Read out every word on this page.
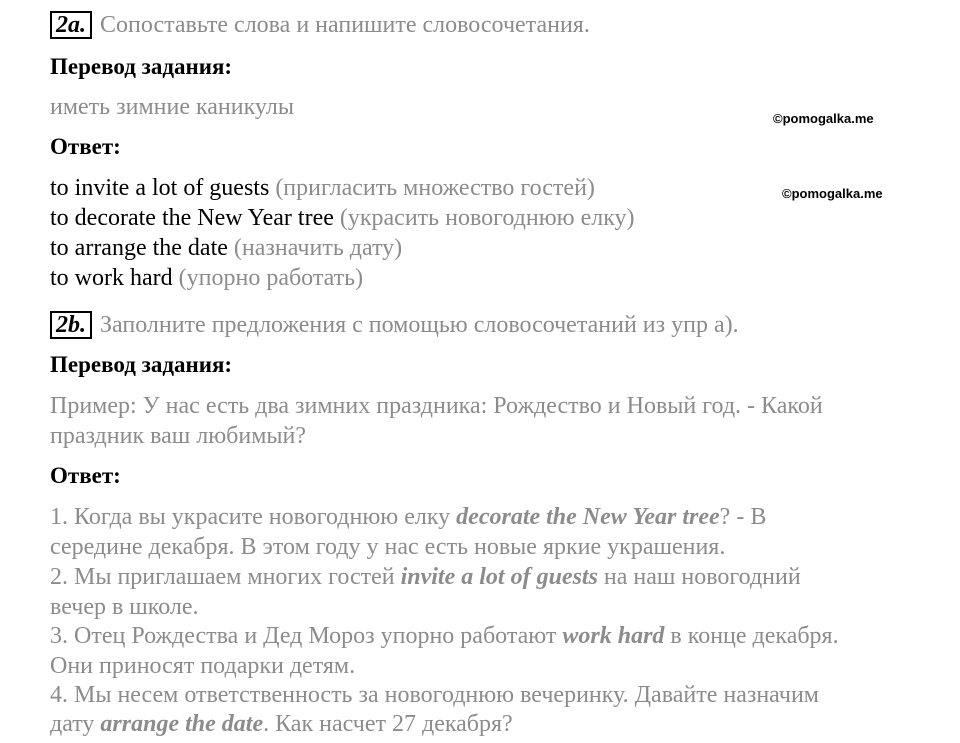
2a. Сопоставьте слова и напишите словосочетания.
Перевод задания:
иметь зимние каникулы
Ответ:
to invite a lot of guests (пригласить множество гостей)
to decorate the New Year tree (украсить новогоднюю елку)
to arrange the date (назначить дату)
to work hard (упорно работать)
2b. Заполните предложения с помощью словосочетаний из упр а).
Перевод задания:
Пример: У нас есть два зимних праздника: Рождество и Новый год. - Какой
праздник ваш любимый?
Ответ:
1. Когда вы украсите новогоднюю елку decorate the New Year tree? - В
середине декабря. В этом году у нас есть новые яркие украшения.
2. Мы приглашаем многих гостей invite a lot of guests на наш новогодний
вечер в школе.
3. Отец Рождества и Дед Мороз упорно работают work hard в конце декабря.
Они приносят подарки детям.
4. Мы несем ответственность за новогоднюю вечеринку. Давайте назначим
дату arrange the date. Как насчет 27 декабря?
©pomogalka.me
©pomogalka.me
